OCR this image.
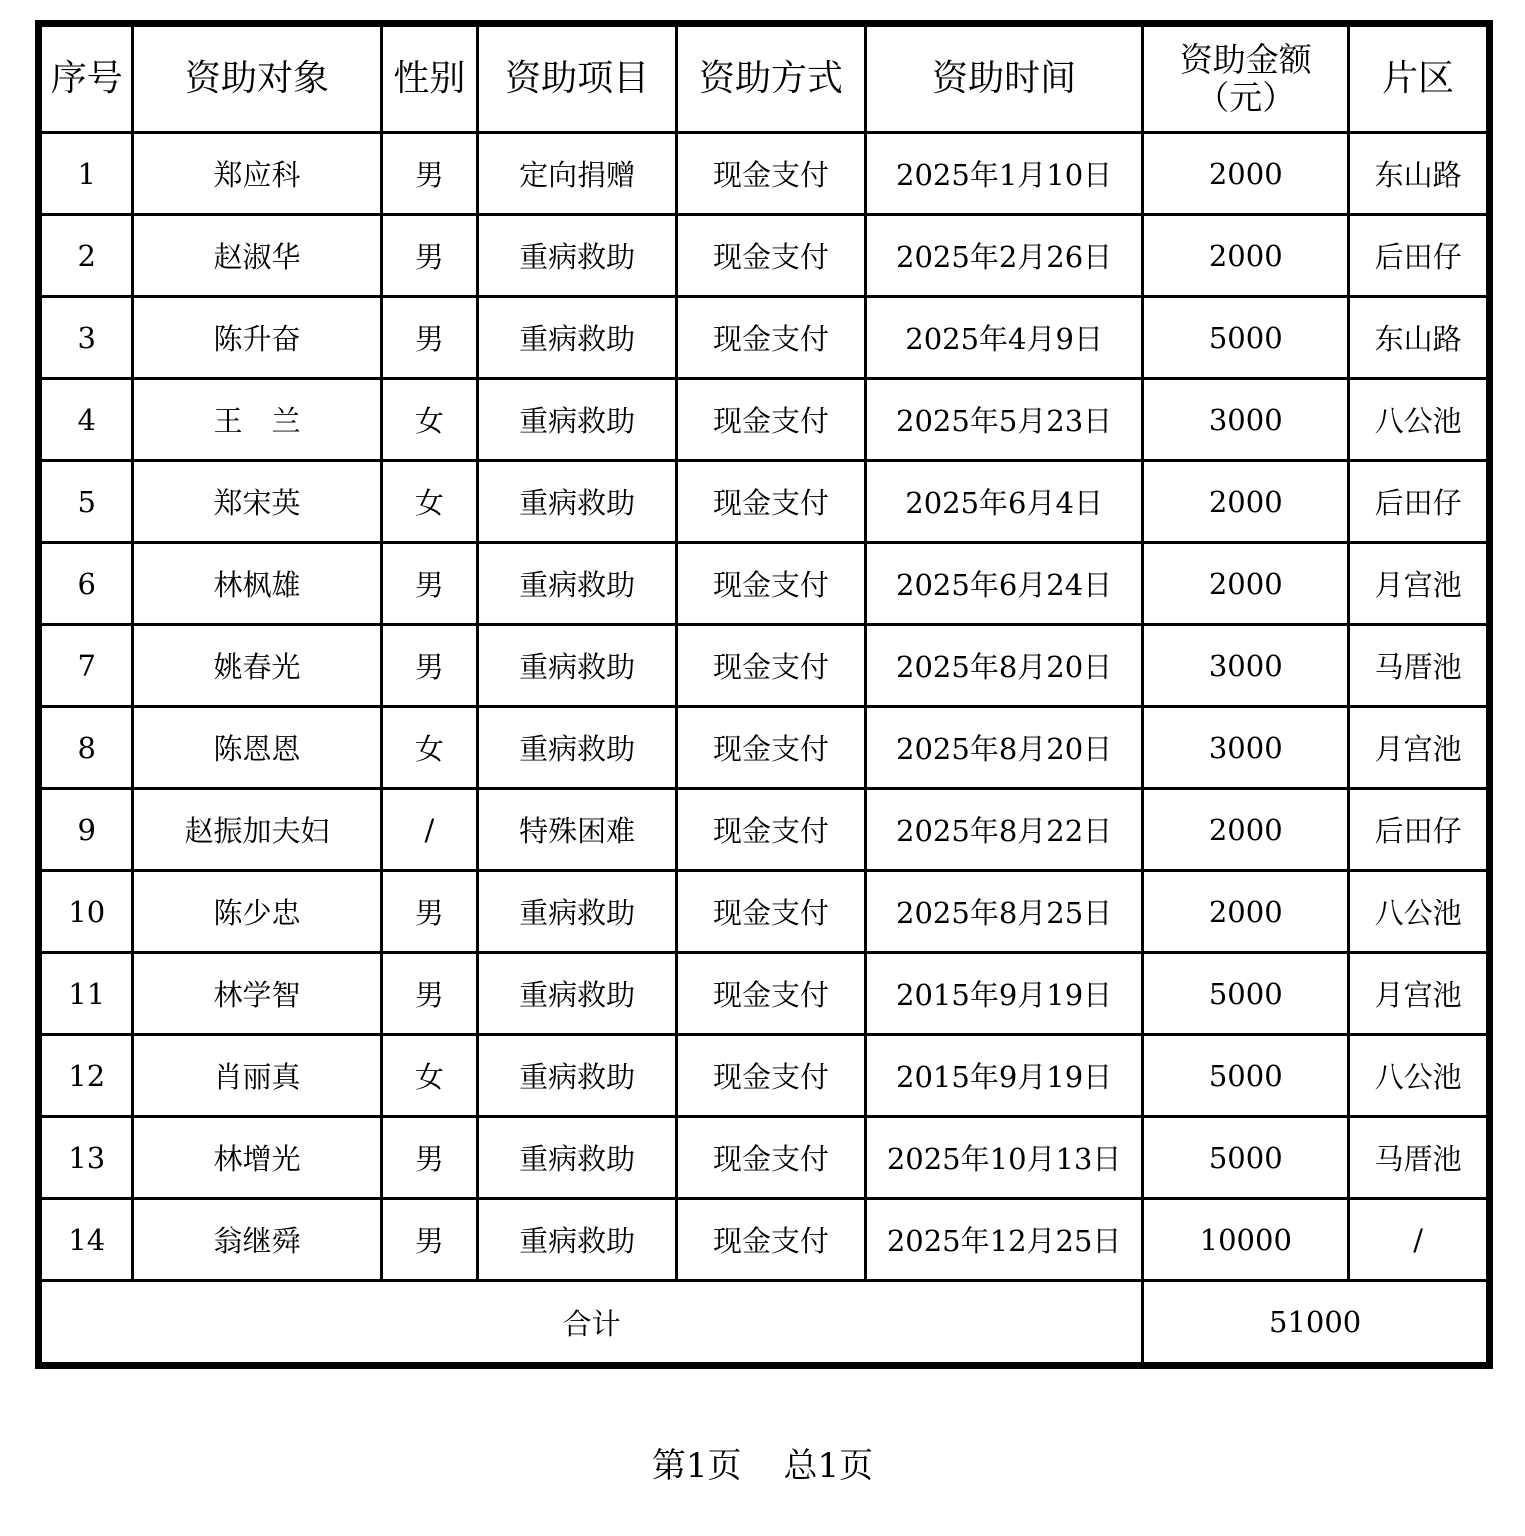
序号	资助对象	性别	资助项目	资助方式	资助时间	资助金额（元）	片区
1	郑应科	男	定向捐赠	现金支付	2025年1月10日	2000	东山路
2	赵淑华	男	重病救助	现金支付	2025年2月26日	2000	后田仔
3	陈升奋	男	重病救助	现金支付	2025年4月9日	5000	东山路
4	王　兰	女	重病救助	现金支付	2025年5月23日	3000	八公池
5	郑宋英	女	重病救助	现金支付	2025年6月4日	2000	后田仔
6	林枫雄	男	重病救助	现金支付	2025年6月24日	2000	月宫池
7	姚春光	男	重病救助	现金支付	2025年8月20日	3000	马厝池
8	陈恩恩	女	重病救助	现金支付	2025年8月20日	3000	月宫池
9	赵振加夫妇	/	特殊困难	现金支付	2025年8月22日	2000	后田仔
10	陈少忠	男	重病救助	现金支付	2025年8月25日	2000	八公池
11	林学智	男	重病救助	现金支付	2015年9月19日	5000	月宫池
12	肖丽真	女	重病救助	现金支付	2015年9月19日	5000	八公池
13	林增光	男	重病救助	现金支付	2025年10月13日	5000	马厝池
14	翁继舜	男	重病救助	现金支付	2025年12月25日	10000	/
合计						51000	
第1页 总1页
